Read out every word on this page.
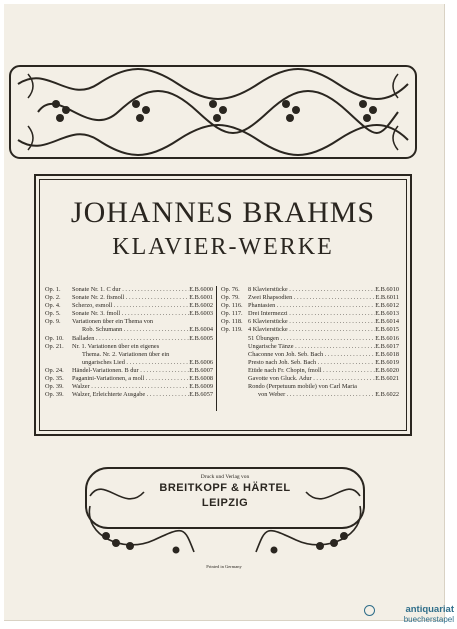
JOHANNES BRAHMS
KLAVIER-WERKE
Op. 1.	Sonate Nr. 1. C dur . . .	E.B.6000
Op. 2.	Sonate Nr. 2. fismoll . . .	E.B.6001
Op. 4.	Scherzo, esmoll . . .	E.B.6002
Op. 5.	Sonate Nr. 3. fmoll . . .	E.B.6003
Op. 9.	Variationen über ein Thema von
Rob. Schumann . . .	E.B.6004
Op. 10.	Balladen . . .	E.B.6005
Op. 21.	Nr. 1. Variationen über ein eigenes
Thema. Nr. 2. Variationen über ein
ungarisches Lied . . .	E.B.6006
Op. 24.	Händel-Variationen. B dur . . .	E.B.6007
Op. 35.	Paganini-Variationen, a moll . . .	E.B.6008
Op. 39.	Walzer . . .	E.B.6009
Op. 39.	Walzer, Erleichterte Ausgabe . . .	E.B.6057
Op. 76.	8 Klavierstücke . . .	E.B.6010
Op. 79.	Zwei Rhapsodien . . .	E.B.6011
Op. 116. Phantasien . . .	E.B.6012
Op. 117. Drei Intermezzi . . .	E.B.6013
Op. 118. 6 Klavierstücke . . .	E.B.6014
Op. 119. 4 Klavierstücke . . .	E.B.6015
51 Übungen . . .	E.B.6016
Ungarische Tänze . . .	E.B.6017
Chaconne von Joh. Seb. Bach . . .	E.B.6018
Presto nach Joh. Seb. Bach . . .	E.B.6019
Etüde nach Fr. Chopin, fmoll . . .	E.B.6020
Gavotte von Gluck. Adur . . .	E.B.6021
Rondo (Perpetuum mobile) von Carl Maria
von Weber . . .	E.B.6022
Druck und Verlag von
BREITKOPF & HÄRTEL
LEIPZIG
Printed in Germany
antiquariat
buecherstapel
